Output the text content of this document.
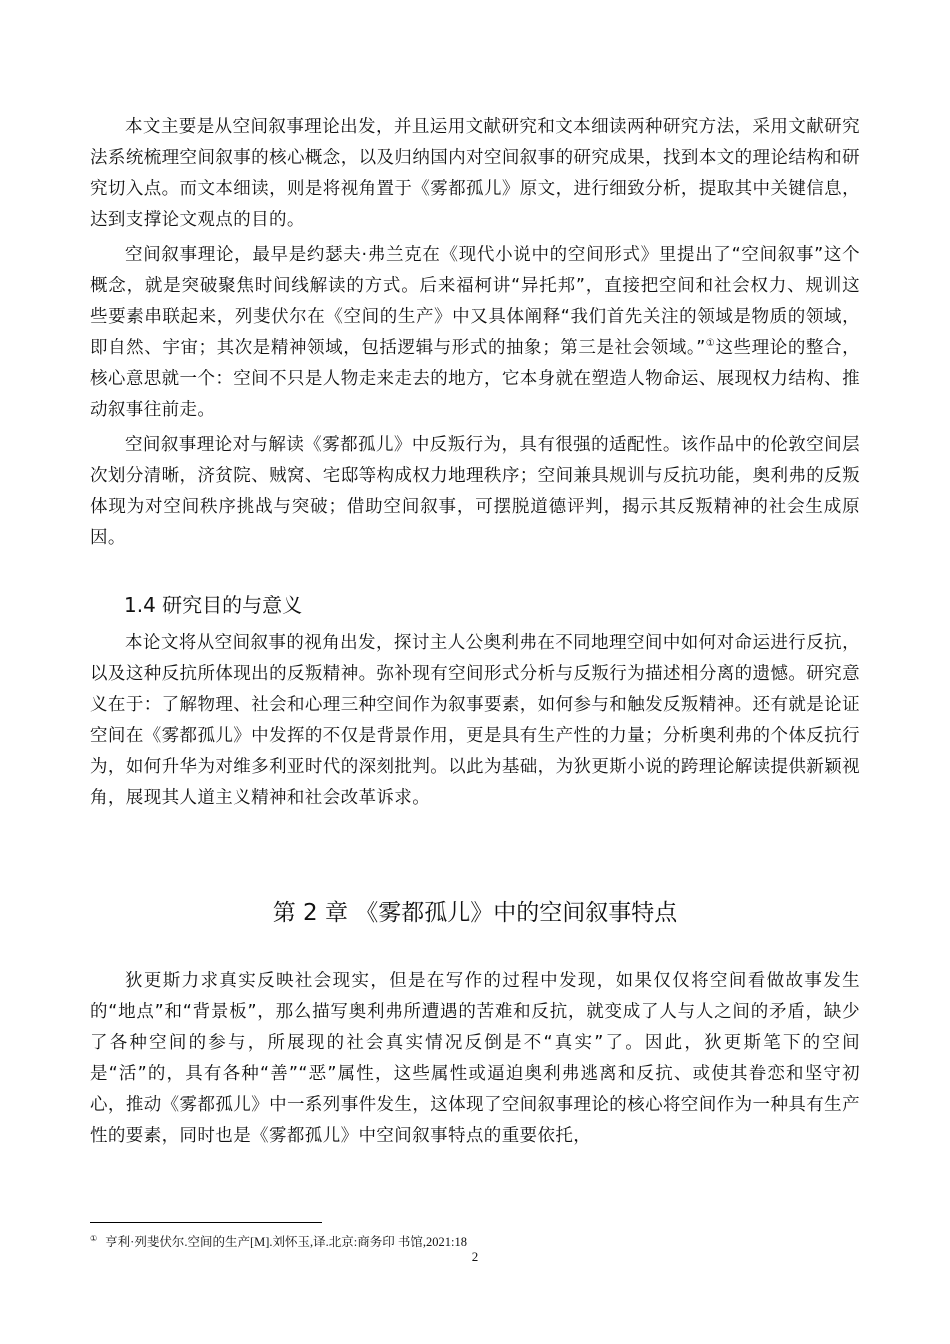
本文主要是从空间叙事理论出发，并且运用文献研究和文本细读两种研究方法，采用文献研究法系统梳理空间叙事的核心概念，以及归纳国内对空间叙事的研究成果，找到本文的理论结构和研究切入点。而文本细读，则是将视角置于《雾都孤儿》原文，进行细致分析，提取其中关键信息，达到支撑论文观点的目的。

空间叙事理论，最早是约瑟夫·弗兰克在《现代小说中的空间形式》里提出了“空间叙事”这个概念，就是突破聚焦时间线解读的方式。后来福柯讲“异托邦”，直接把空间和社会权力、规训这些要素串联起来，列斐伏尔在《空间的生产》中又具体阐释“我们首先关注的领域是物质的领域，即自然、宇宙；其次是精神领域，包括逻辑与形式的抽象；第三是社会领域。”①这些理论的整合，核心意思就一个：空间不只是人物走来走去的地方，它本身就在塑造人物命运、展现权力结构、推动叙事往前走。

空间叙事理论对与解读《雾都孤儿》中反叛行为，具有很强的适配性。该作品中的伦敦空间层次划分清晰，济贫院、贼窝、宅邸等构成权力地理秩序；空间兼具规训与反抗功能，奥利弗的反叛体现为对空间秩序挑战与突破；借助空间叙事，可摆脱道德评判，揭示其反叛精神的社会生成原因。

1.4 研究目的与意义

本论文将从空间叙事的视角出发，探讨主人公奥利弗在不同地理空间中如何对命运进行反抗，以及这种反抗所体现出的反叛精神。弥补现有空间形式分析与反叛行为描述相分离的遗憾。研究意义在于：了解物理、社会和心理三种空间作为叙事要素，如何参与和触发反叛精神。还有就是论证空间在《雾都孤儿》中发挥的不仅是背景作用，更是具有生产性的力量；分析奥利弗的个体反抗行为，如何升华为对维多利亚时代的深刻批判。以此为基础，为狄更斯小说的跨理论解读提供新颖视角，展现其人道主义精神和社会改革诉求。

第 2 章 《雾都孤儿》中的空间叙事特点

狄更斯力求真实反映社会现实，但是在写作的过程中发现，如果仅仅将空间看做故事发生的“地点”和“背景板”，那么描写奥利弗所遭遇的苦难和反抗，就变成了人与人之间的矛盾，缺少了各种空间的参与，所展现的社会真实情况反倒是不“真实”了。因此，狄更斯笔下的空间是“活”的，具有各种“善”“恶”属性，这些属性或逼迫奥利弗逃离和反抗、或使其眷恋和坚守初心，推动《雾都孤儿》中一系列事件发生，这体现了空间叙事理论的核心将空间作为一种具有生产性的要素，同时也是《雾都孤儿》中空间叙事特点的重要依托，

① 亨利·列斐伏尔.空间的生产[M].刘怀玉,译.北京:商务印 书馆,2021:18
2
